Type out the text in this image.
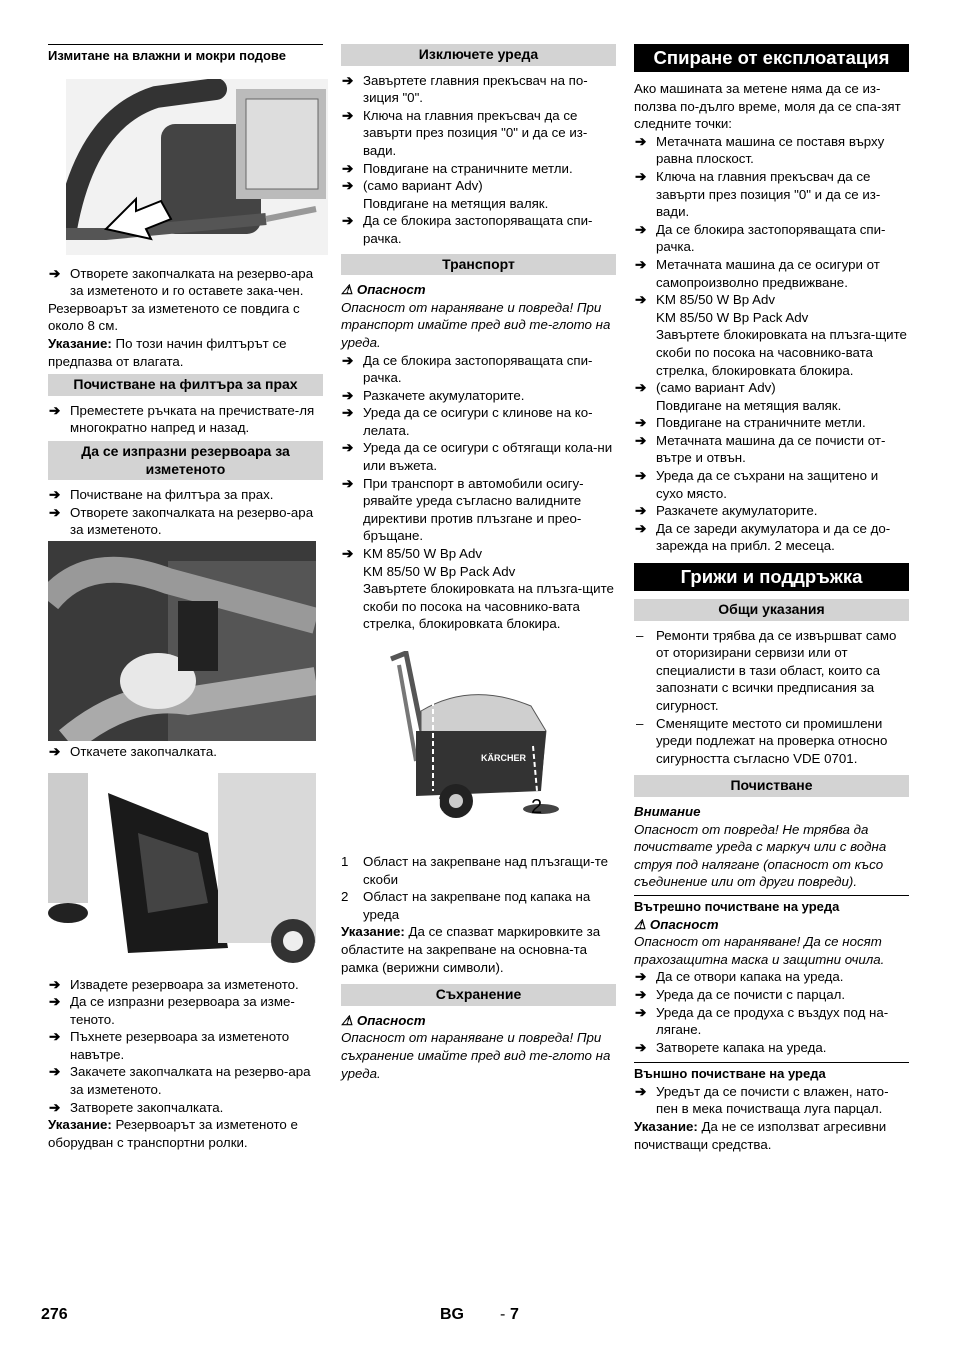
Измитане на влажни и мокри подове

➔ Отворете закопчалката на резерво-ара за изметеното и го оставете зака-чен.

Резервоарът за изметеното се повдига с около 8 см.

Указание: По този начин филтърът се предпазва от влагата.

Почистване на филтъра за прах
➔ Преместете ръчката на пречиствате-ля многократно напред и назад.
Да се изпразни резервоара за изметеното
➔ Почистване на филтъра за прах.
➔ Отворете закопчалката на резерво-ара за изметеното.
➔ Откачете закопчалката.
➔ Извадете резервоара за изметеното.
➔ Да се изпразни резервоара за изме-теното.
➔ Пъхнете резервоара за изметеното навътре.
➔ Закачете закопчалката на резерво-ара за изметеното.
➔ Затворете закопчалката.

Указание: Резервоарът за изметеното е оборудван с транспортни ролки.

Изключете уреда
➔ Завъртете главния прекъсвач на по-зиция "0".
➔ Ключа на главния прекъсвач да се завърти през позиция "0" и да се из-вади.
➔ Повдигане на страничните метли.
➔ (само вариант Adv)
Повдигане на метящия валяк.
➔ Да се блокира застопоряващата спи-рачка.
Транспорт

⚠ Опасност

Опасност от нараняване и повреда! При транспорт имайте пред вид те-глото на уреда.

➔ Да се блокира застопоряващата спи-рачка.
➔ Разкачете акумулаторите.
➔ Уреда да се осигури с клинове на ко-лелата.
➔ Уреда да се осигури с обтягащи кола-ни или въжета.
➔ При транспорт в автомобили осигу-рявайте уреда съгласно валидните директиви против плъзгане и прео-бръщане.
➔ KM 85/50 W Bp Adv
KM 85/50 W Bp Pack Adv
Завъртете блокировката на плъзга-щите скоби по посока на часовнико-вата стрелка, блокировката блокира.
KÄRCHER
1	2
1 Област на закрепване над плъзгащи-те скоби
2 Област на закрепване под капака на уреда

Указание: Да се спазват маркировките за областите на закрепване на основна-та рамка (верижни символи).

Съхранение

⚠ Опасност

Опасност от нараняване и повреда! При съхранение имайте пред вид те-глото на уреда.

Спиране от експлоатация

Ако машината за метене няма да се из-ползва по-дълго време, моля да се спа-зят следните точки:

➔ Метачната машина се поставя върху равна плоскост.
➔ Ключа на главния прекъсвач да се завърти през позиция "0" и да се из-вади.
➔ Да се блокира застопоряващата спи-рачка.
➔ Метачната машина да се осигури от самопроизволно предвижване.
➔ KM 85/50 W Bp Adv
KM 85/50 W Bp Pack Adv
Завъртете блокировката на плъзга-щите скоби по посока на часовнико-вата стрелка, блокировката блокира.
➔ (само вариант Adv)
Повдигане на метящия валяк.
➔ Повдигане на страничните метли.
➔ Метачната машина да се почисти от-вътре и отвън.
➔ Уреда да се съхрани на защитено и сухо място.
➔ Разкачете акумулаторите.
➔ Да се зареди акумулатора и да се до-зарежда на прибл. 2 месеца.
Грижи и поддръжка
Общи указания
– Ремонти трябва да се извършват само от оторизирани сервизи или от специалисти в тази област, които са запознати с всички предписания за сигурност.
– Сменящите местото си промишлени уреди подлежат на проверка относно сигурността съгласно VDE 0701.
Почистване

Внимание

Опасност от повреда! Не трябва да почиствате уреда с маркуч или с водна струя под налягане (опасност от късо съединение или от други повреди).

Вътрешно почистване на уреда

⚠ Опасност

Опасност от нараняване! Да се носят прахозащитна маска и защитни очила.

➔ Да се отвори капака на уреда.
➔ Уреда да се почисти с парцал.
➔ Уреда да се продуха с въздух под на-лягане.
➔ Затворете капака на уреда.

Външно почистване на уреда

➔ Уредът да се почисти с влажен, нато-пен в мека почистваща луга парцал.

Указание: Да не се използват агресивни почистващи средства.

276	BG - 7
